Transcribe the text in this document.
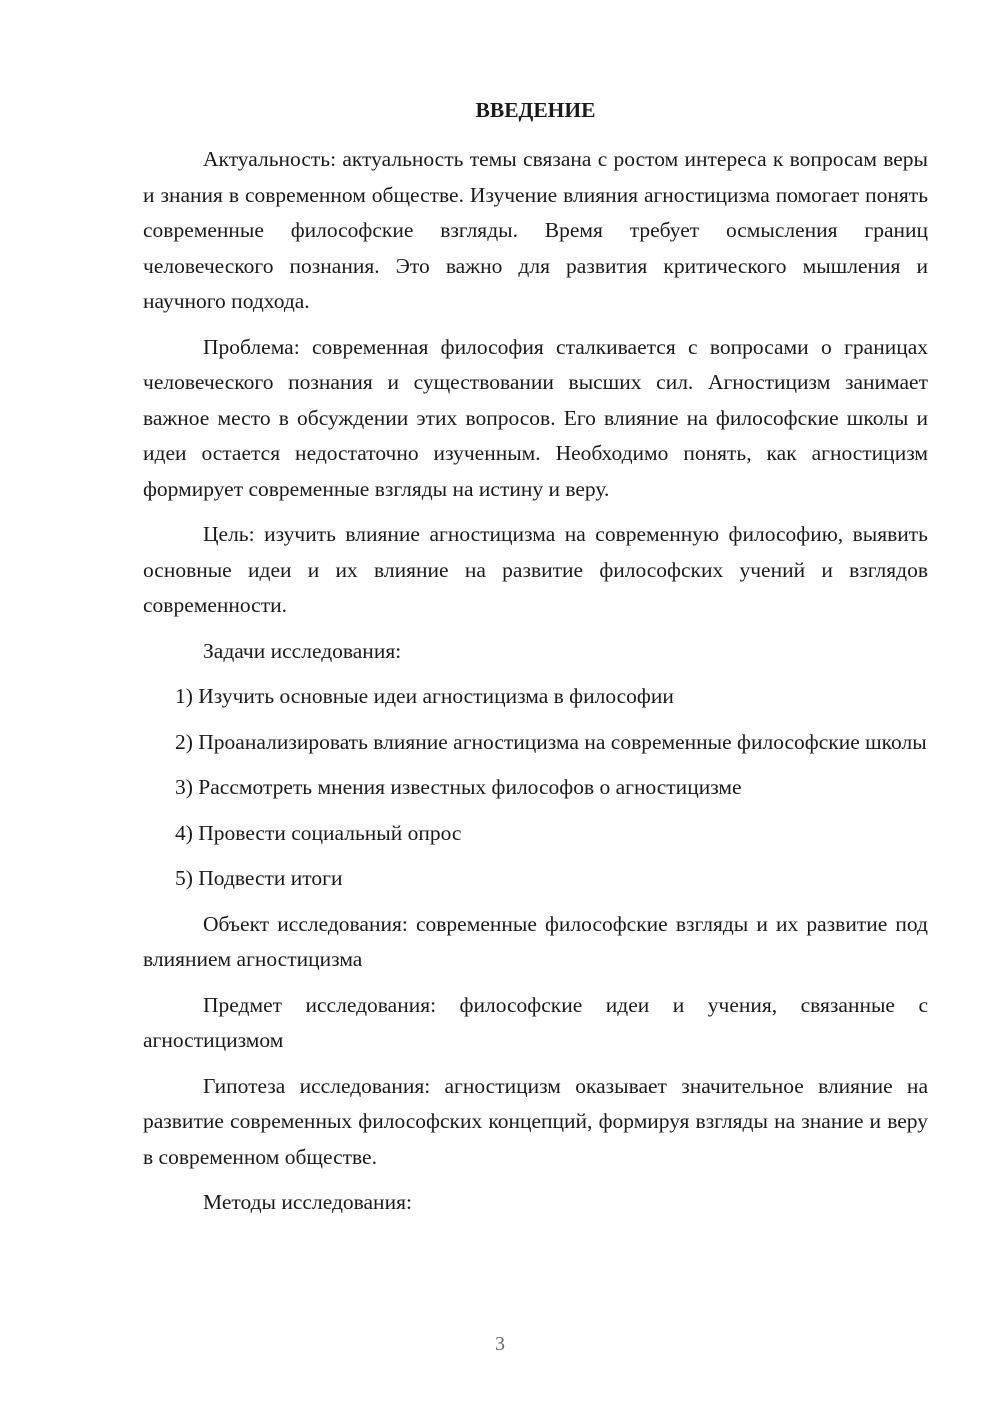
ВВЕДЕНИЕ

Актуальность: актуальность темы связана с ростом интереса к вопросам веры и знания в современном обществе. Изучение влияния агностицизма помогает понять современные философские взгляды. Время требует осмысления границ человеческого познания. Это важно для развития критического мышления и научного подхода.

Проблема: современная философия сталкивается с вопросами о границах человеческого познания и существовании высших сил. Агностицизм занимает важное место в обсуждении этих вопросов. Его влияние на философские школы и идеи остается недостаточно изученным. Необходимо понять, как агностицизм формирует современные взгляды на истину и веру.

Цель: изучить влияние агностицизма на современную философию, выявить основные идеи и их влияние на развитие философских учений и взглядов современности.

Задачи исследования:

1) Изучить основные идеи агностицизма в философии

2) Проанализировать влияние агностицизма на современные философские школы

3) Рассмотреть мнения известных философов о агностицизме

4) Провести социальный опрос

5) Подвести итоги

Объект исследования: современные философские взгляды и их развитие под влиянием агностицизма

Предмет исследования: философские идеи и учения, связанные с агностицизмом

Гипотеза исследования: агностицизм оказывает значительное влияние на развитие современных философских концепций, формируя взгляды на знание и веру в современном обществе.

Методы исследования:

3
